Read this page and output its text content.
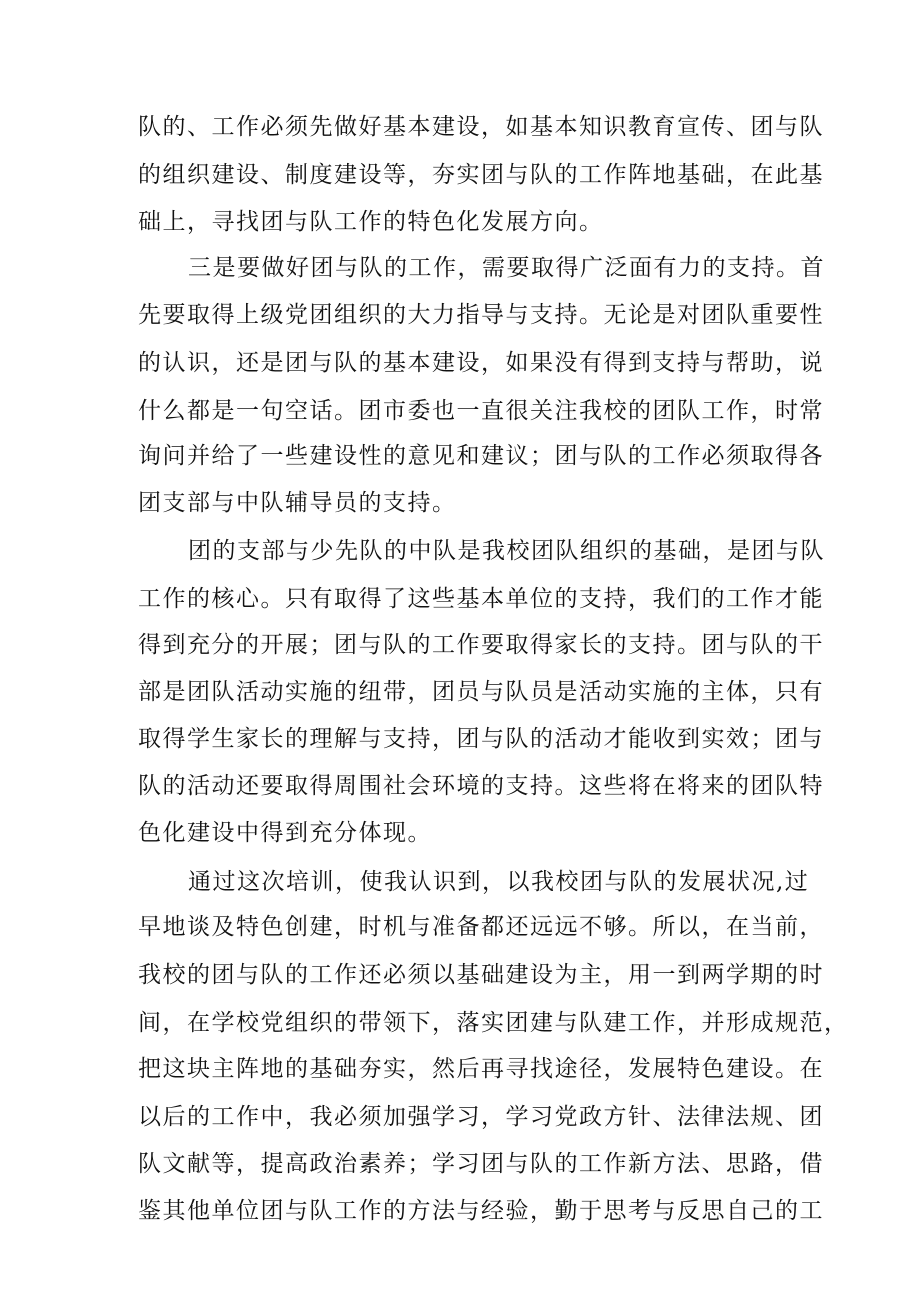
队的、工作必须先做好基本建设，如基本知识教育宣传、团与队
的组织建设、制度建设等，夯实团与队的工作阵地基础，在此基
础上，寻找团与队工作的特色化发展方向。
三是要做好团与队的工作，需要取得广泛面有力的支持。首
先要取得上级党团组织的大力指导与支持。无论是对团队重要性
的认识，还是团与队的基本建设，如果没有得到支持与帮助，说
什么都是一句空话。团市委也一直很关注我校的团队工作，时常
询问并给了一些建设性的意见和建议；团与队的工作必须取得各
团支部与中队辅导员的支持。
团的支部与少先队的中队是我校团队组织的基础，是团与队
工作的核心。只有取得了这些基本单位的支持，我们的工作才能
得到充分的开展；团与队的工作要取得家长的支持。团与队的干
部是团队活动实施的纽带，团员与队员是活动实施的主体，只有
取得学生家长的理解与支持，团与队的活动才能收到实效；团与
队的活动还要取得周围社会环境的支持。这些将在将来的团队特
色化建设中得到充分体现。
通过这次培训，使我认识到，以我校团与队的发展状况,过
早地谈及特色创建，时机与准备都还远远不够。所以，在当前，
我校的团与队的工作还必须以基础建设为主，用一到两学期的时
间，在学校党组织的带领下，落实团建与队建工作，并形成规范，
把这块主阵地的基础夯实，然后再寻找途径，发展特色建设。在
以后的工作中，我必须加强学习，学习党政方针、法律法规、团
队文献等，提高政治素养；学习团与队的工作新方法、思路，借
鉴其他单位团与队工作的方法与经验，勤于思考与反思自己的工
